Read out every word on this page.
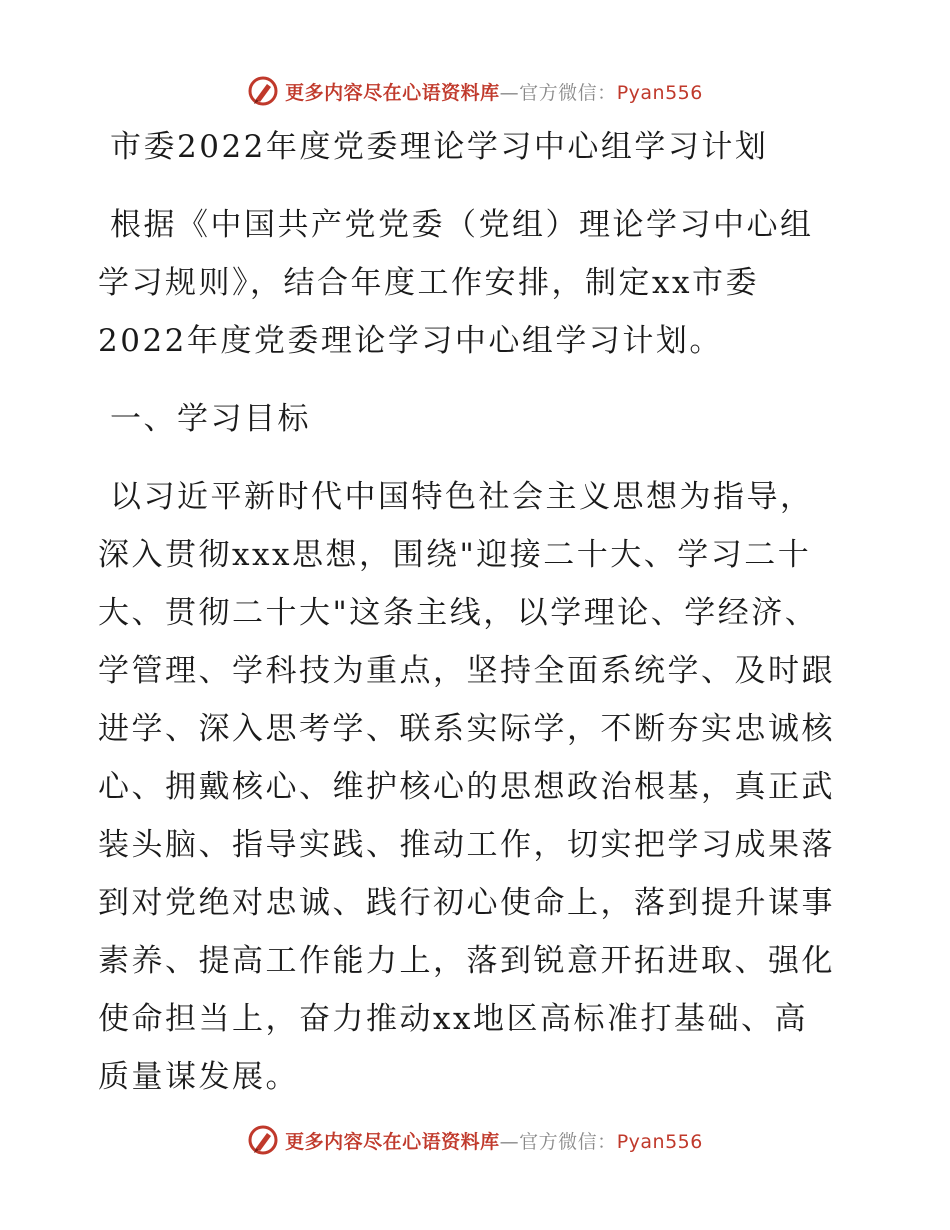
更多内容尽在心语资料库—官方微信：Pyan556

市委2022年度党委理论学习中心组学习计划

根据《中国共产党党委（党组）理论学习中心组

学习规则》，结合年度工作安排，制定xx市委

2022年度党委理论学习中心组学习计划。

一、学习目标

以习近平新时代中国特色社会主义思想为指导，

深入贯彻xxx思想，围绕"迎接二十大、学习二十

大、贯彻二十大"这条主线，以学理论、学经济、

学管理、学科技为重点，坚持全面系统学、及时跟

进学、深入思考学、联系实际学，不断夯实忠诚核

心、拥戴核心、维护核心的思想政治根基，真正武

装头脑、指导实践、推动工作，切实把学习成果落

到对党绝对忠诚、践行初心使命上，落到提升谋事

素养、提高工作能力上，落到锐意开拓进取、强化

使命担当上，奋力推动xx地区高标准打基础、高

质量谋发展。

更多内容尽在心语资料库—官方微信：Pyan556
